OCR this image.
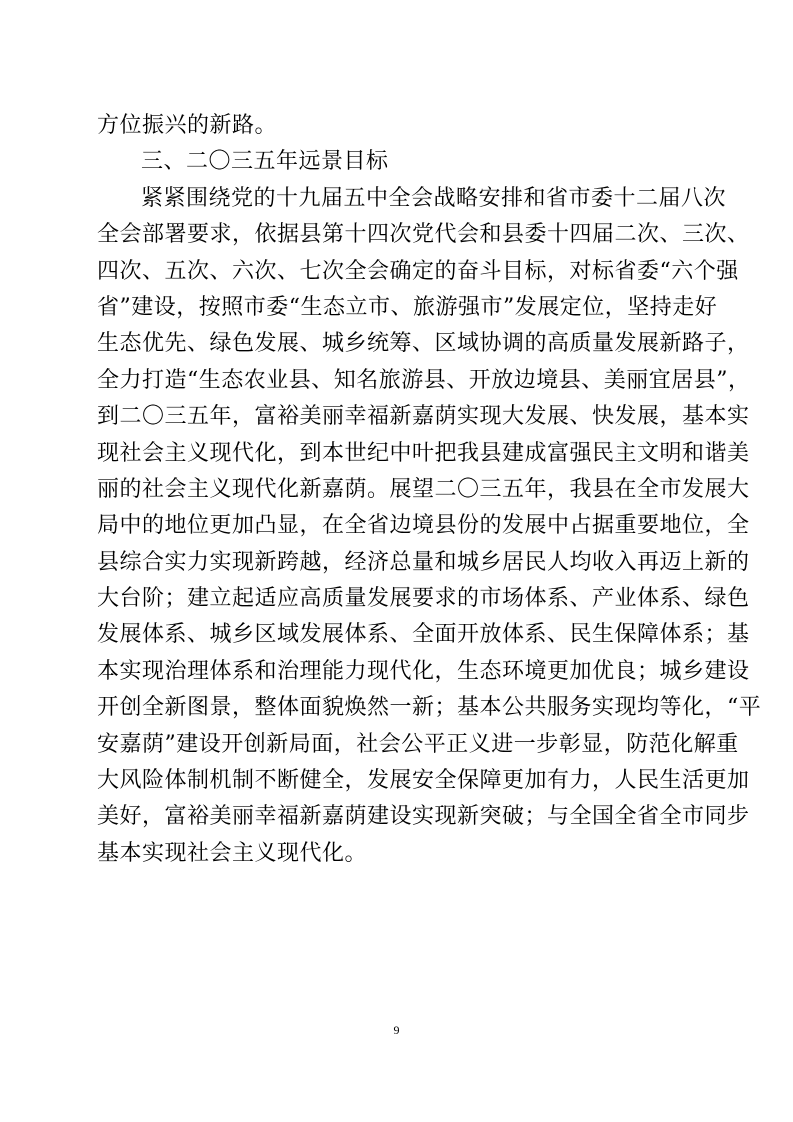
方位振兴的新路。
三、二〇三五年远景目标
紧紧围绕党的十九届五中全会战略安排和省市委十二届八次
全会部署要求，依据县第十四次党代会和县委十四届二次、三次、
四次、五次、六次、七次全会确定的奋斗目标，对标省委“六个强
省”建设，按照市委“生态立市、旅游强市”发展定位，坚持走好
生态优先、绿色发展、城乡统筹、区域协调的高质量发展新路子，
全力打造“生态农业县、知名旅游县、开放边境县、美丽宜居县”，
到二〇三五年，富裕美丽幸福新嘉荫实现大发展、快发展，基本实
现社会主义现代化，到本世纪中叶把我县建成富强民主文明和谐美
丽的社会主义现代化新嘉荫。展望二〇三五年，我县在全市发展大
局中的地位更加凸显，在全省边境县份的发展中占据重要地位，全
县综合实力实现新跨越，经济总量和城乡居民人均收入再迈上新的
大台阶；建立起适应高质量发展要求的市场体系、产业体系、绿色
发展体系、城乡区域发展体系、全面开放体系、民生保障体系；基
本实现治理体系和治理能力现代化，生态环境更加优良；城乡建设
开创全新图景，整体面貌焕然一新；基本公共服务实现均等化，“平
安嘉荫”建设开创新局面，社会公平正义进一步彰显，防范化解重
大风险体制机制不断健全，发展安全保障更加有力，人民生活更加
美好，富裕美丽幸福新嘉荫建设实现新突破；与全国全省全市同步
基本实现社会主义现代化。
9
